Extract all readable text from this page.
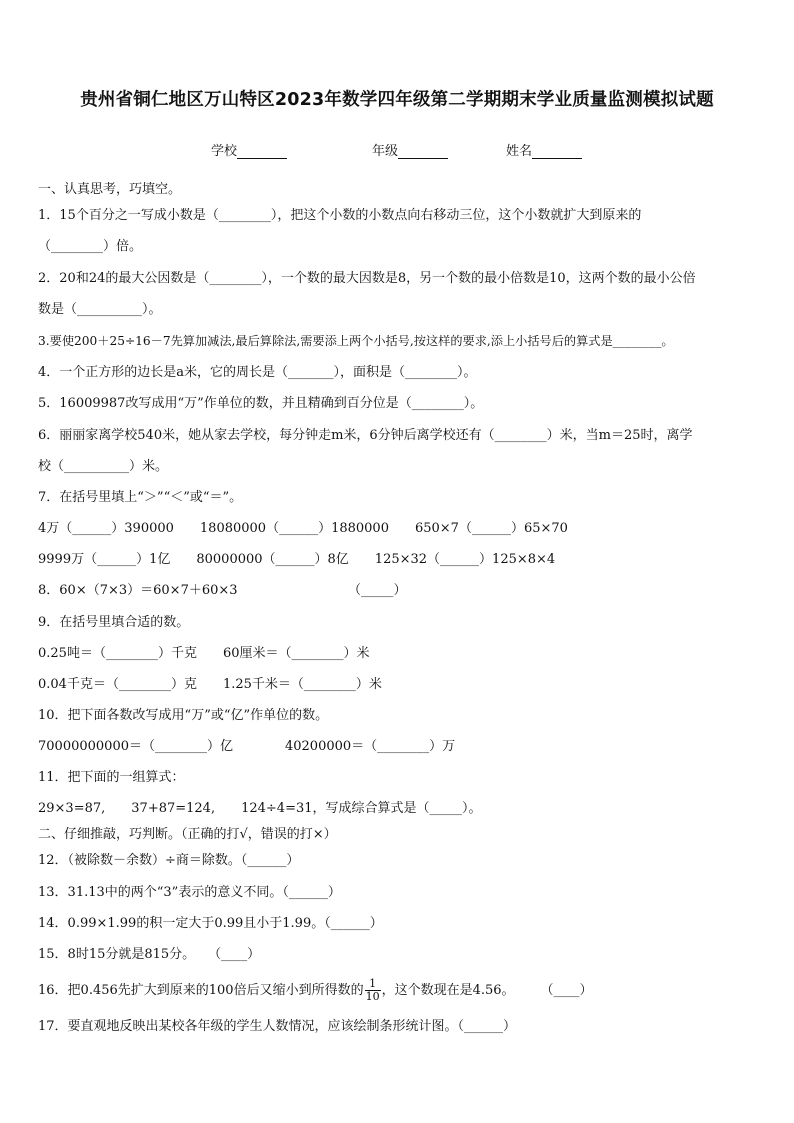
贵州省铜仁地区万山特区2023年数学四年级第二学期期末学业质量监测模拟试题
学校	年级	姓名
一、认真思考，巧填空。
1．15个百分之一写成小数是（________），把这个小数的小数点向右移动三位，这个小数就扩大到原来的
（________）倍。
2．20和24的最大公因数是（________），一个数的最大因数是8，另一个数的最小倍数是10，这两个数的最小公倍
数是（__________）。
3.要使200＋25÷16－7先算加减法,最后算除法,需要添上两个小括号,按这样的要求,添上小括号后的算式是________。
4．一个正方形的边长是a米，它的周长是（_______），面积是（________）。
5．16009987改写成用“万”作单位的数，并且精确到百分位是（________）。
6．丽丽家离学校540米，她从家去学校，每分钟走m米，6分钟后离学校还有（________）米，当m＝25时，离学
校（__________）米。
7．在括号里填上“＞”“＜”或“＝”。
4万（______）390000　　18080000（______）1880000　　650×7（______）65×70
9999万（______）1亿　　80000000（______）8亿　　125×32（______）125×8×4
8．60×（7×3）＝60×7＋60×3　　　　　　　　　（_____）
9．在括号里填合适的数。
0.25吨＝（________）千克　　60厘米＝（________）米
0.04千克＝（________）克　　1.25千米＝（________）米
10．把下面各数改写成用“万”或“亿”作单位的数。
70000000000＝（________）亿　　　　40200000＝（________）万
11．把下面的一组算式：
29×3=87,　　37+87=124,　　124÷4=31，写成综合算式是（_____）。
二、仔细推敲，巧判断。（正确的打√，错误的打×）
12．（被除数－余数）÷商＝除数。（______）
13．31.13中的两个“3”表示的意义不同。（______）
14．0.99×1.99的积一定大于0.99且小于1.99。（______）
15．8时15分就是815分。　　（____）
16．把0.456先扩大到原来的100倍后又缩小到所得数的 $\frac{1}{10}$ ，这个数现在是4.56。　　　（____）
17．要直观地反映出某校各年级的学生人数情况，应该绘制条形统计图。（______）
